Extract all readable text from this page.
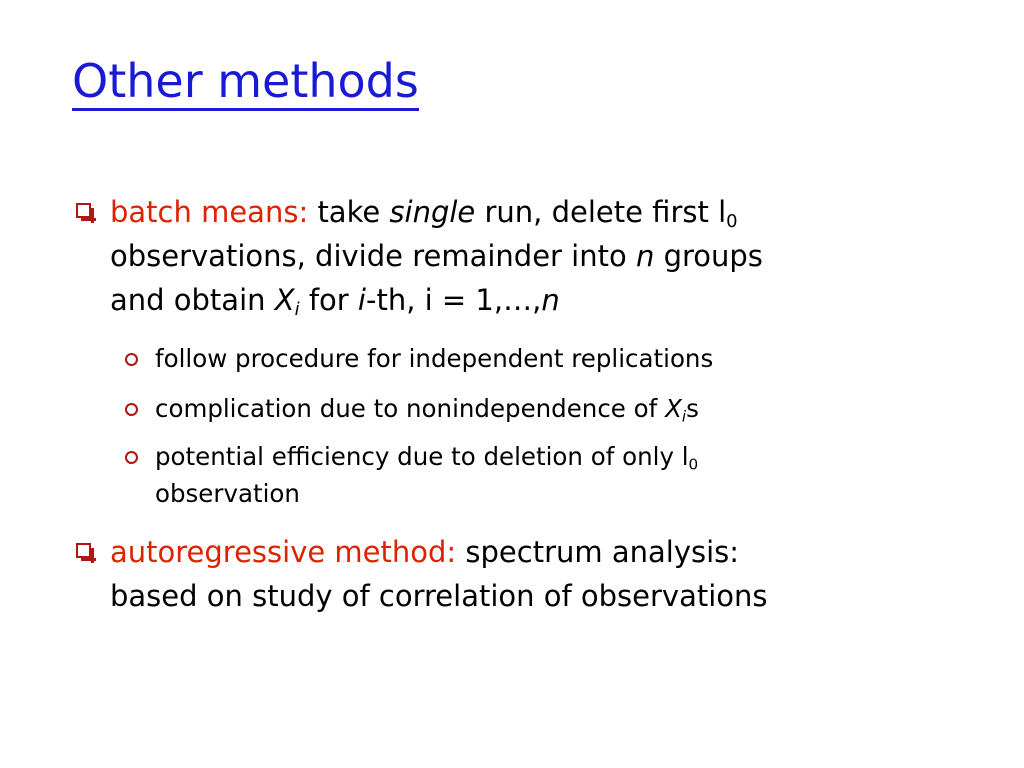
Other methods
batch means: take single run, delete first $l_0$
observations, divide remainder into n groups
and obtain $X_i$ for i-th, i = 1,…,n
follow procedure for independent replications
complication due to nonindependence of $X_is$
potential efficiency due to deletion of only $l_0$
observation
autoregressive method: spectrum analysis:
based on study of correlation of observations
